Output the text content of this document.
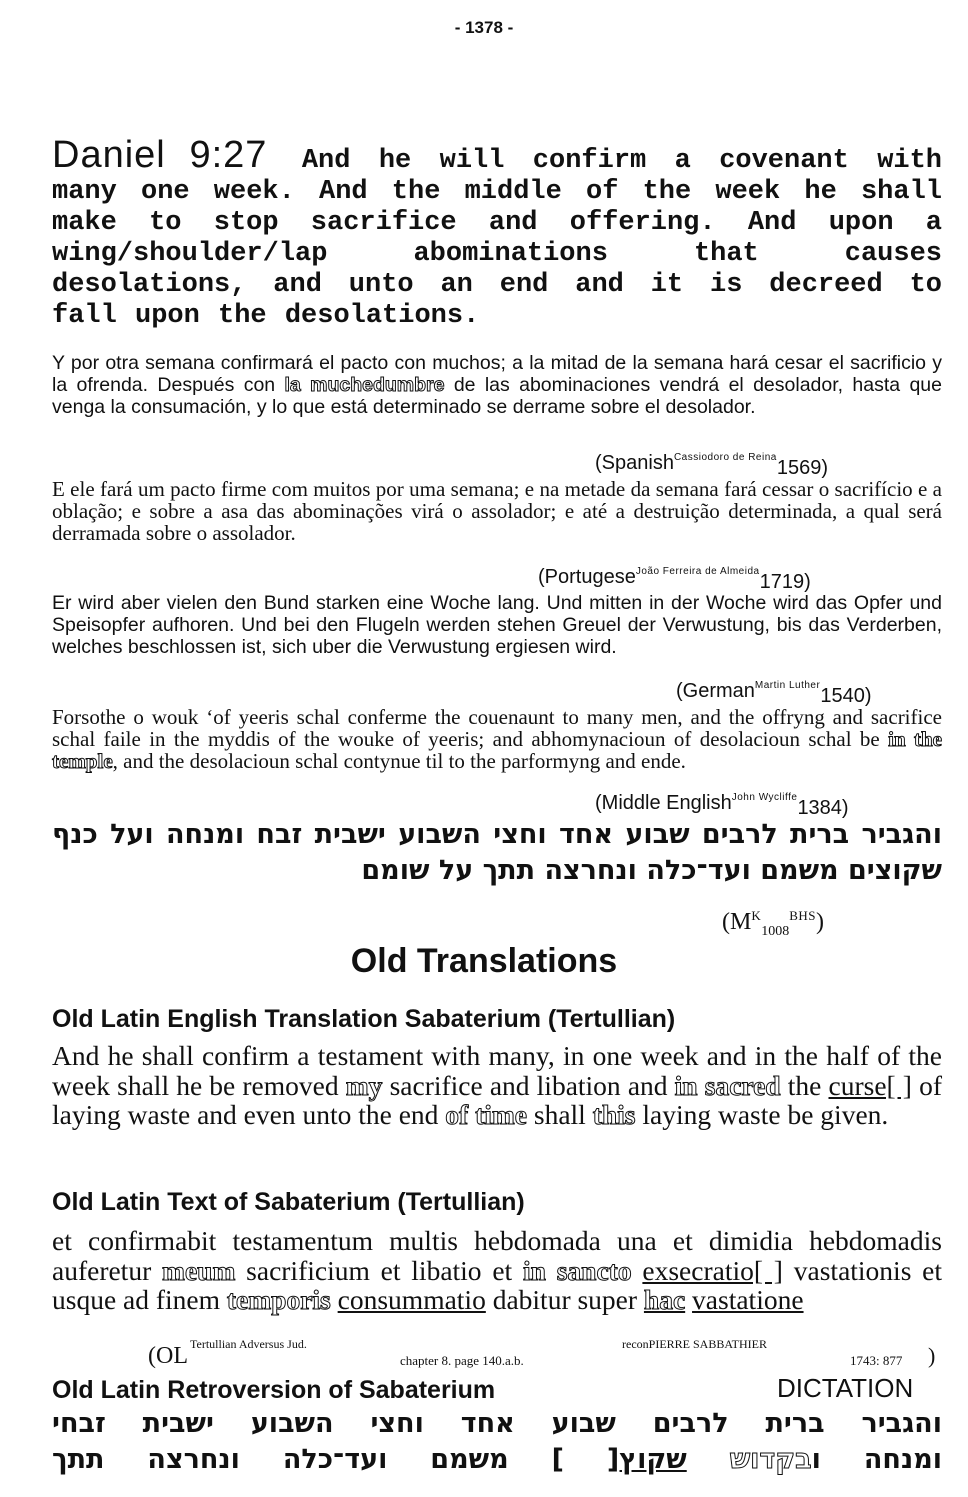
- 1378 -
Daniel 9:27 And he will confirm a covenant with many one week. And the middle of the week he shall make to stop sacrifice and offering. And upon a wing/shoulder/lap abominations that causes desolations, and unto an end and it is decreed to fall upon the desolations.
Y por otra semana confirmará el pacto con muchos; a la mitad de la semana hará cesar el sacrificio y la ofrenda. Después con la muchedumbre de las abominaciones vendrá el desolador, hasta que venga la consumación, y lo que está determinado se derrame sobre el desolador.
(Spanish$^{Cassiodoro de Reina}$1569)
E ele fará um pacto firme com muitos por uma semana; e na metade da semana fará cessar o sacrifício e a oblação; e sobre a asa das abominações virá o assolador; e até a destruição determinada, a qual será derramada sobre o assolador.
(Portugese$^{João Ferreira de Almeida}$1719)
Er wird aber vielen den Bund starken eine Woche lang. Und mitten in der Woche wird das Opfer und Speisopfer aufhoren. Und bei den Flugeln werden stehen Greuel der Verwustung, bis das Verderben, welches beschlossen ist, sich uber die Verwustung ergiesen wird.
(German$^{Martin Luther}$1540)
Forsothe o wouk ‘of yeeris schal conferme the couenaunt to many men, and the offryng and sacrifice schal faile in the myddis of the wouke of yeeris; and abhomynacioun of desolacioun schal be in the temple, and the desolacioun schal contynue til to the parformyng and ende.
(Middle English$^{John Wycliffe}$1384)
והגביר ברית לרבים שבוע אחד וחצי השבוע ישבית זבח ומנחה ועל כנף שקוצים משמם ועד־כלה ונחרצה תתך על שומם
$(M^K_{1008}^{BHS})$
Old Translations
Old Latin English Translation Sabaterium (Tertullian)
And he shall confirm a testament with many, in one week and in the half of the week shall he be removed my sacrifice and libation and in sacred the curse[ ] of laying waste and even unto the end of time shall this laying waste be given.
Old Latin Text of Sabaterium (Tertullian)
et confirmabit testamentum multis hebdomada una et dimidia hebdomadis auferetur meum sacrificium et libatio et in sancto exsecratio[ ] vastationis et usque ad finem temporis consummatio dabitur super hac vastatione
(OL Tertullian Adversus Jud.
chapter 8. page 140.a.b.
reconPIERRE SABBATHIER
1743: 877 )
Old Latin Retroversion of Sabaterium	DICTATION
והגביר ברית לרבים שבוע אחד וחצי השבוע ישבית זבחי
ומנחה ובקדוש שקוץ[ ] משמם ועד־כלה ונחרצה תתך
